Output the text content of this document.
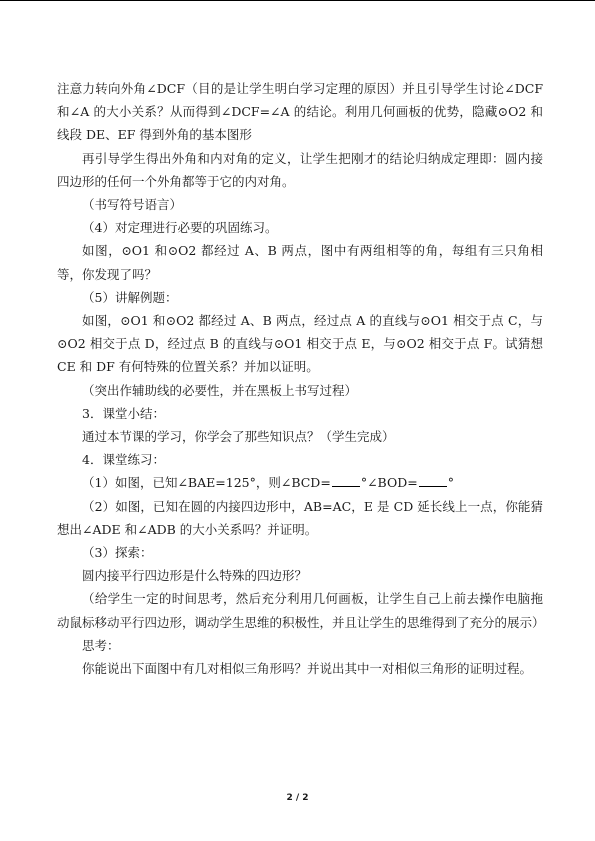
注意力转向外角∠DCF（目的是让学生明白学习定理的原因）并且引导学生讨论∠DCF 和∠A 的大小关系？从而得到∠DCF=∠A 的结论。利用几何画板的优势，隐藏⊙O2 和线段 DE、EF 得到外角的基本图形

再引导学生得出外角和内对角的定义，让学生把刚才的结论归纳成定理即：圆内接四边形的任何一个外角都等于它的内对角。

（书写符号语言）

（4）对定理进行必要的巩固练习。

如图，⊙O1 和⊙O2 都经过 A、B 两点，图中有两组相等的角，每组有三只角相等，你发现了吗？

（5）讲解例题：

如图，⊙O1 和⊙O2 都经过 A、B 两点，经过点 A 的直线与⊙O1 相交于点 C，与⊙O2 相交于点 D，经过点 B 的直线与⊙O1 相交于点 E，与⊙O2 相交于点 F。试猜想 CE 和 DF 有何特殊的位置关系？并加以证明。

（突出作辅助线的必要性，并在黑板上书写过程）

3．课堂小结：

通过本节课的学习，你学会了那些知识点？（学生完成）

4．课堂练习：

（1）如图，已知∠BAE=125°，则∠BCD= °∠BOD= °

（2）如图，已知在圆的内接四边形中，AB=AC，E 是 CD 延长线上一点，你能猜想出∠ADE 和∠ADB 的大小关系吗？并证明。

（3）探索：

圆内接平行四边形是什么特殊的四边形？

（给学生一定的时间思考，然后充分利用几何画板，让学生自己上前去操作电脑拖动鼠标移动平行四边形，调动学生思维的积极性，并且让学生的思维得到了充分的展示）

思考：

你能说出下面图中有几对相似三角形吗？并说出其中一对相似三角形的证明过程。

2 / 2
